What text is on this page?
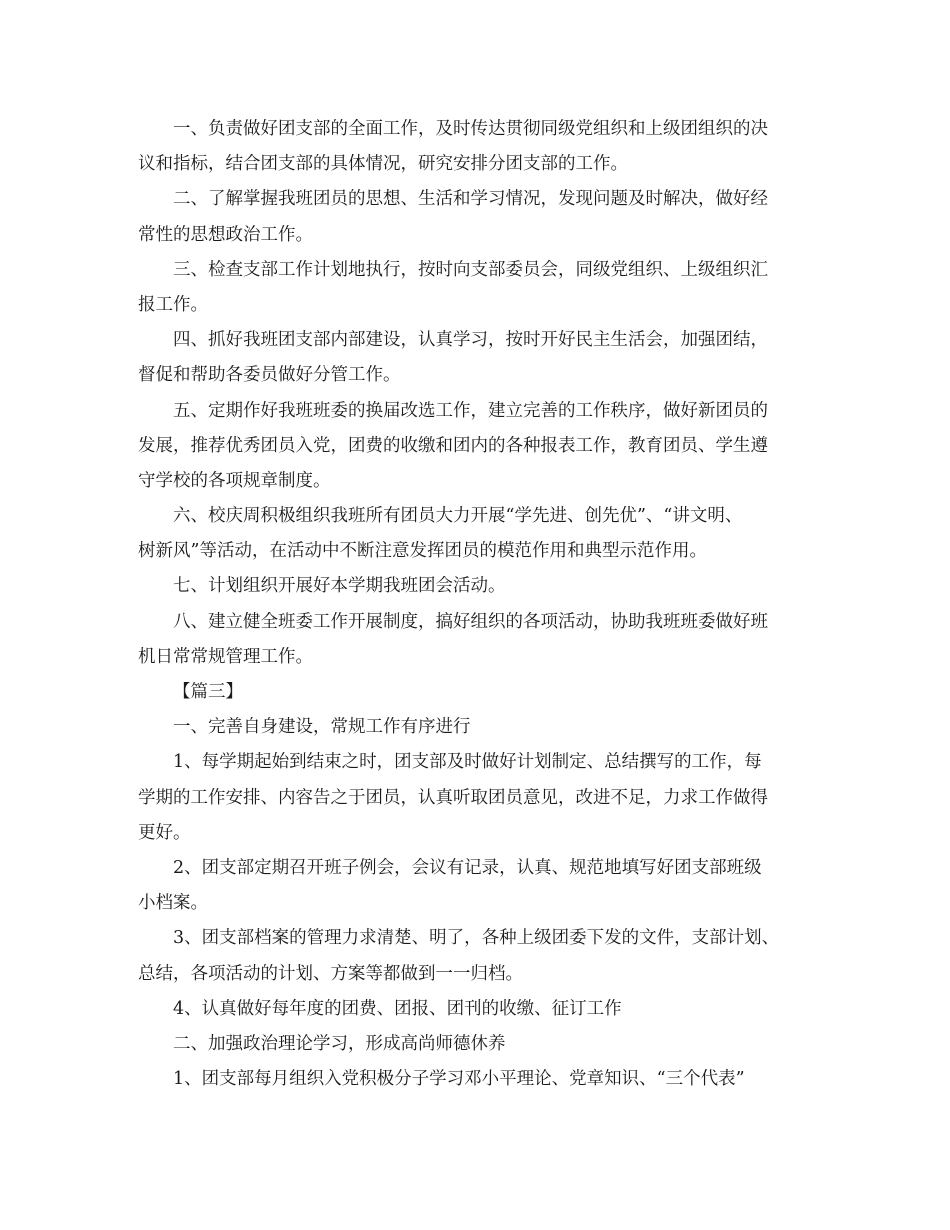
一、负责做好团支部的全面工作，及时传达贯彻同级党组织和上级团组织的决
议和指标，结合团支部的具体情况，研究安排分团支部的工作。
二、了解掌握我班团员的思想、生活和学习情况，发现问题及时解决，做好经
常性的思想政治工作。
三、检查支部工作计划地执行，按时向支部委员会，同级党组织、上级组织汇
报工作。
四、抓好我班团支部内部建设，认真学习，按时开好民主生活会，加强团结，
督促和帮助各委员做好分管工作。
五、定期作好我班班委的换届改选工作，建立完善的工作秩序，做好新团员的
发展，推荐优秀团员入党，团费的收缴和团内的各种报表工作，教育团员、学生遵
守学校的各项规章制度。
六、校庆周积极组织我班所有团员大力开展“学先进、创先优”、“讲文明、
树新风”等活动，在活动中不断注意发挥团员的模范作用和典型示范作用。
七、计划组织开展好本学期我班团会活动。
八、建立健全班委工作开展制度，搞好组织的各项活动，协助我班班委做好班
机日常常规管理工作。
【篇三】
一、完善自身建设，常规工作有序进行
1、每学期起始到结束之时，团支部及时做好计划制定、总结撰写的工作，每
学期的工作安排、内容告之于团员，认真听取团员意见，改进不足，力求工作做得
更好。
2、团支部定期召开班子例会，会议有记录，认真、规范地填写好团支部班级
小档案。
3、团支部档案的管理力求清楚、明了，各种上级团委下发的文件，支部计划、
总结，各项活动的计划、方案等都做到一一归档。
4、认真做好每年度的团费、团报、团刊的收缴、征订工作
二、加强政治理论学习，形成高尚师德休养
1、团支部每月组织入党积极分子学习邓小平理论、党章知识、“三个代表”
